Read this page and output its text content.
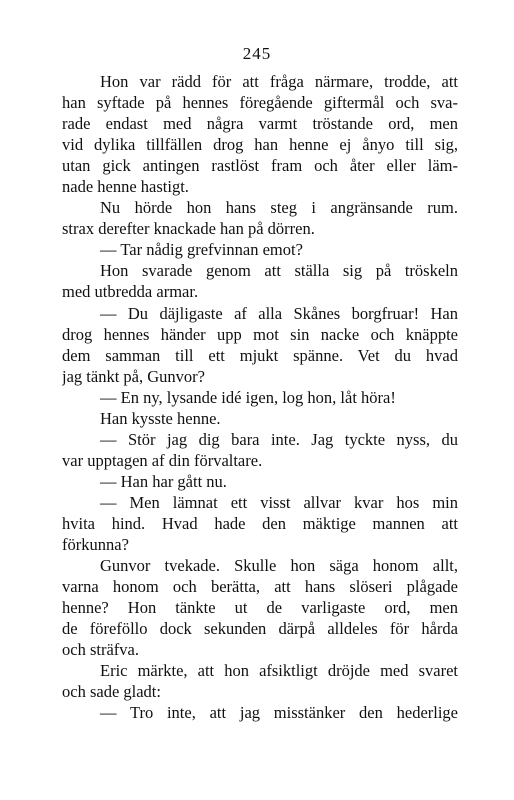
245
Hon var rädd för att fråga närmare, trodde, att
han syftade på hennes föregående giftermål och sva-
rade endast med några varmt tröstande ord, men
vid dylika tillfällen drog han henne ej ånyo till sig,
utan gick antingen rastlöst fram och åter eller läm-
nade henne hastigt.
Nu hörde hon hans steg i angränsande rum.
strax derefter knackade han på dörren.
— Tar nådig grefvinnan emot?
Hon svarade genom att ställa sig på tröskeln
med utbredda armar.
— Du däjligaste af alla Skånes borgfruar! Han
drog hennes händer upp mot sin nacke och knäppte
dem samman till ett mjukt spänne. Vet du hvad
jag tänkt på, Gunvor?
— En ny, lysande idé igen, log hon, låt höra!
Han kysste henne.
— Stör jag dig bara inte. Jag tyckte nyss, du
var upptagen af din förvaltare.
— Han har gått nu.
— Men lämnat ett visst allvar kvar hos min
hvita hind. Hvad hade den mäktige mannen att
förkunna?
Gunvor tvekade. Skulle hon säga honom allt,
varna honom och berätta, att hans slöseri plågade
henne? Hon tänkte ut de varligaste ord, men
de föreföllo dock sekunden därpå alldeles för hårda
och sträfva.
Eric märkte, att hon afsiktligt dröjde med svaret
och sade gladt:
— Tro inte, att jag misstänker den hederlige
